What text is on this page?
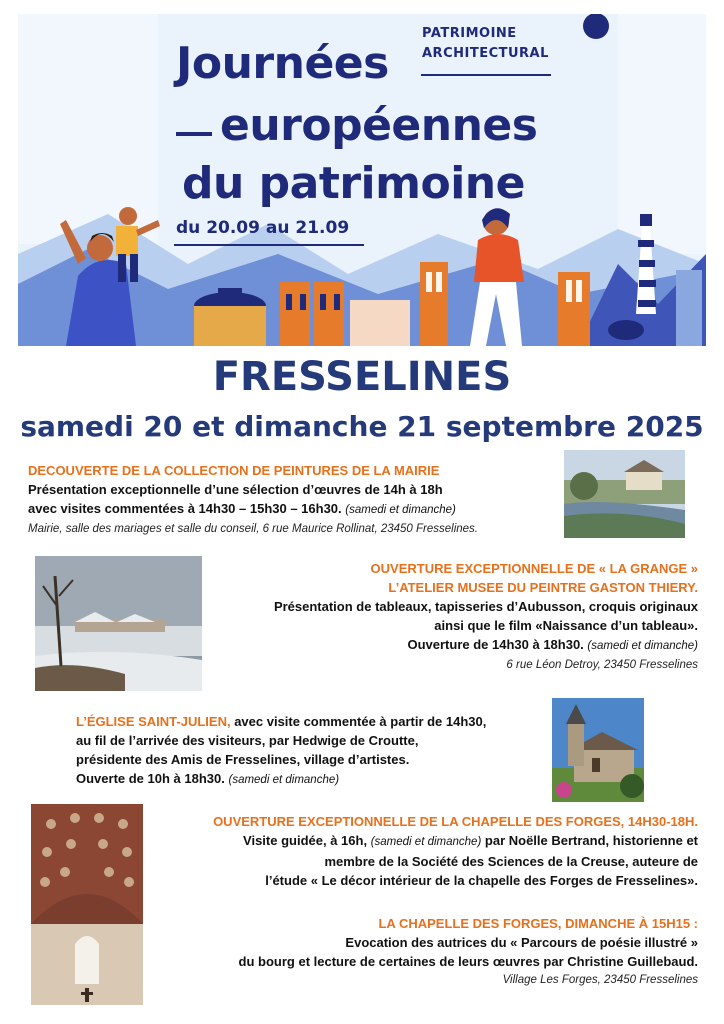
Journées
européennes
du patrimoine
PATRIMOINE
ARCHITECTURAL
du 20.09 au 21.09
FRESSELINES
samedi 20 et dimanche 21 septembre 2025
DECOUVERTE DE LA COLLECTION DE PEINTURES DE LA MAIRIE
Présentation exceptionnelle d’une sélection d’œuvres de 14h à 18h
avec visites commentées à 14h30 – 15h30 – 16h30. (samedi et dimanche)
Mairie, salle des mariages et salle du conseil, 6 rue Maurice Rollinat, 23450 Fresselines.
OUVERTURE EXCEPTIONNELLE DE « LA GRANGE »
L’ATELIER MUSEE DU PEINTRE GASTON THIERY.
Présentation de tableaux, tapisseries d’Aubusson, croquis originaux
ainsi que le film «Naissance d’un tableau».
Ouverture de 14h30 à 18h30. (samedi et dimanche)
6 rue Léon Detroy, 23450 Fresselines
L’ÉGLISE SAINT-JULIEN, avec visite commentée à partir de 14h30,
au fil de l’arrivée des visiteurs, par Hedwige de Croutte,
présidente des Amis de Fresselines, village d’artistes.
Ouverte de 10h à 18h30. (samedi et dimanche)
OUVERTURE EXCEPTIONNELLE DE LA CHAPELLE DES FORGES, 14H30-18H.
Visite guidée, à 16h, (samedi et dimanche) par Noëlle Bertrand, historienne et
membre de la Société des Sciences de la Creuse, auteure de
l’étude « Le décor intérieur de la chapelle des Forges de Fresselines».
LA CHAPELLE DES FORGES, DIMANCHE À 15H15 :
Evocation des autrices du « Parcours de poésie illustré »
du bourg et lecture de certaines de leurs œuvres par Christine Guillebaud.
Village Les Forges, 23450 Fresselines
